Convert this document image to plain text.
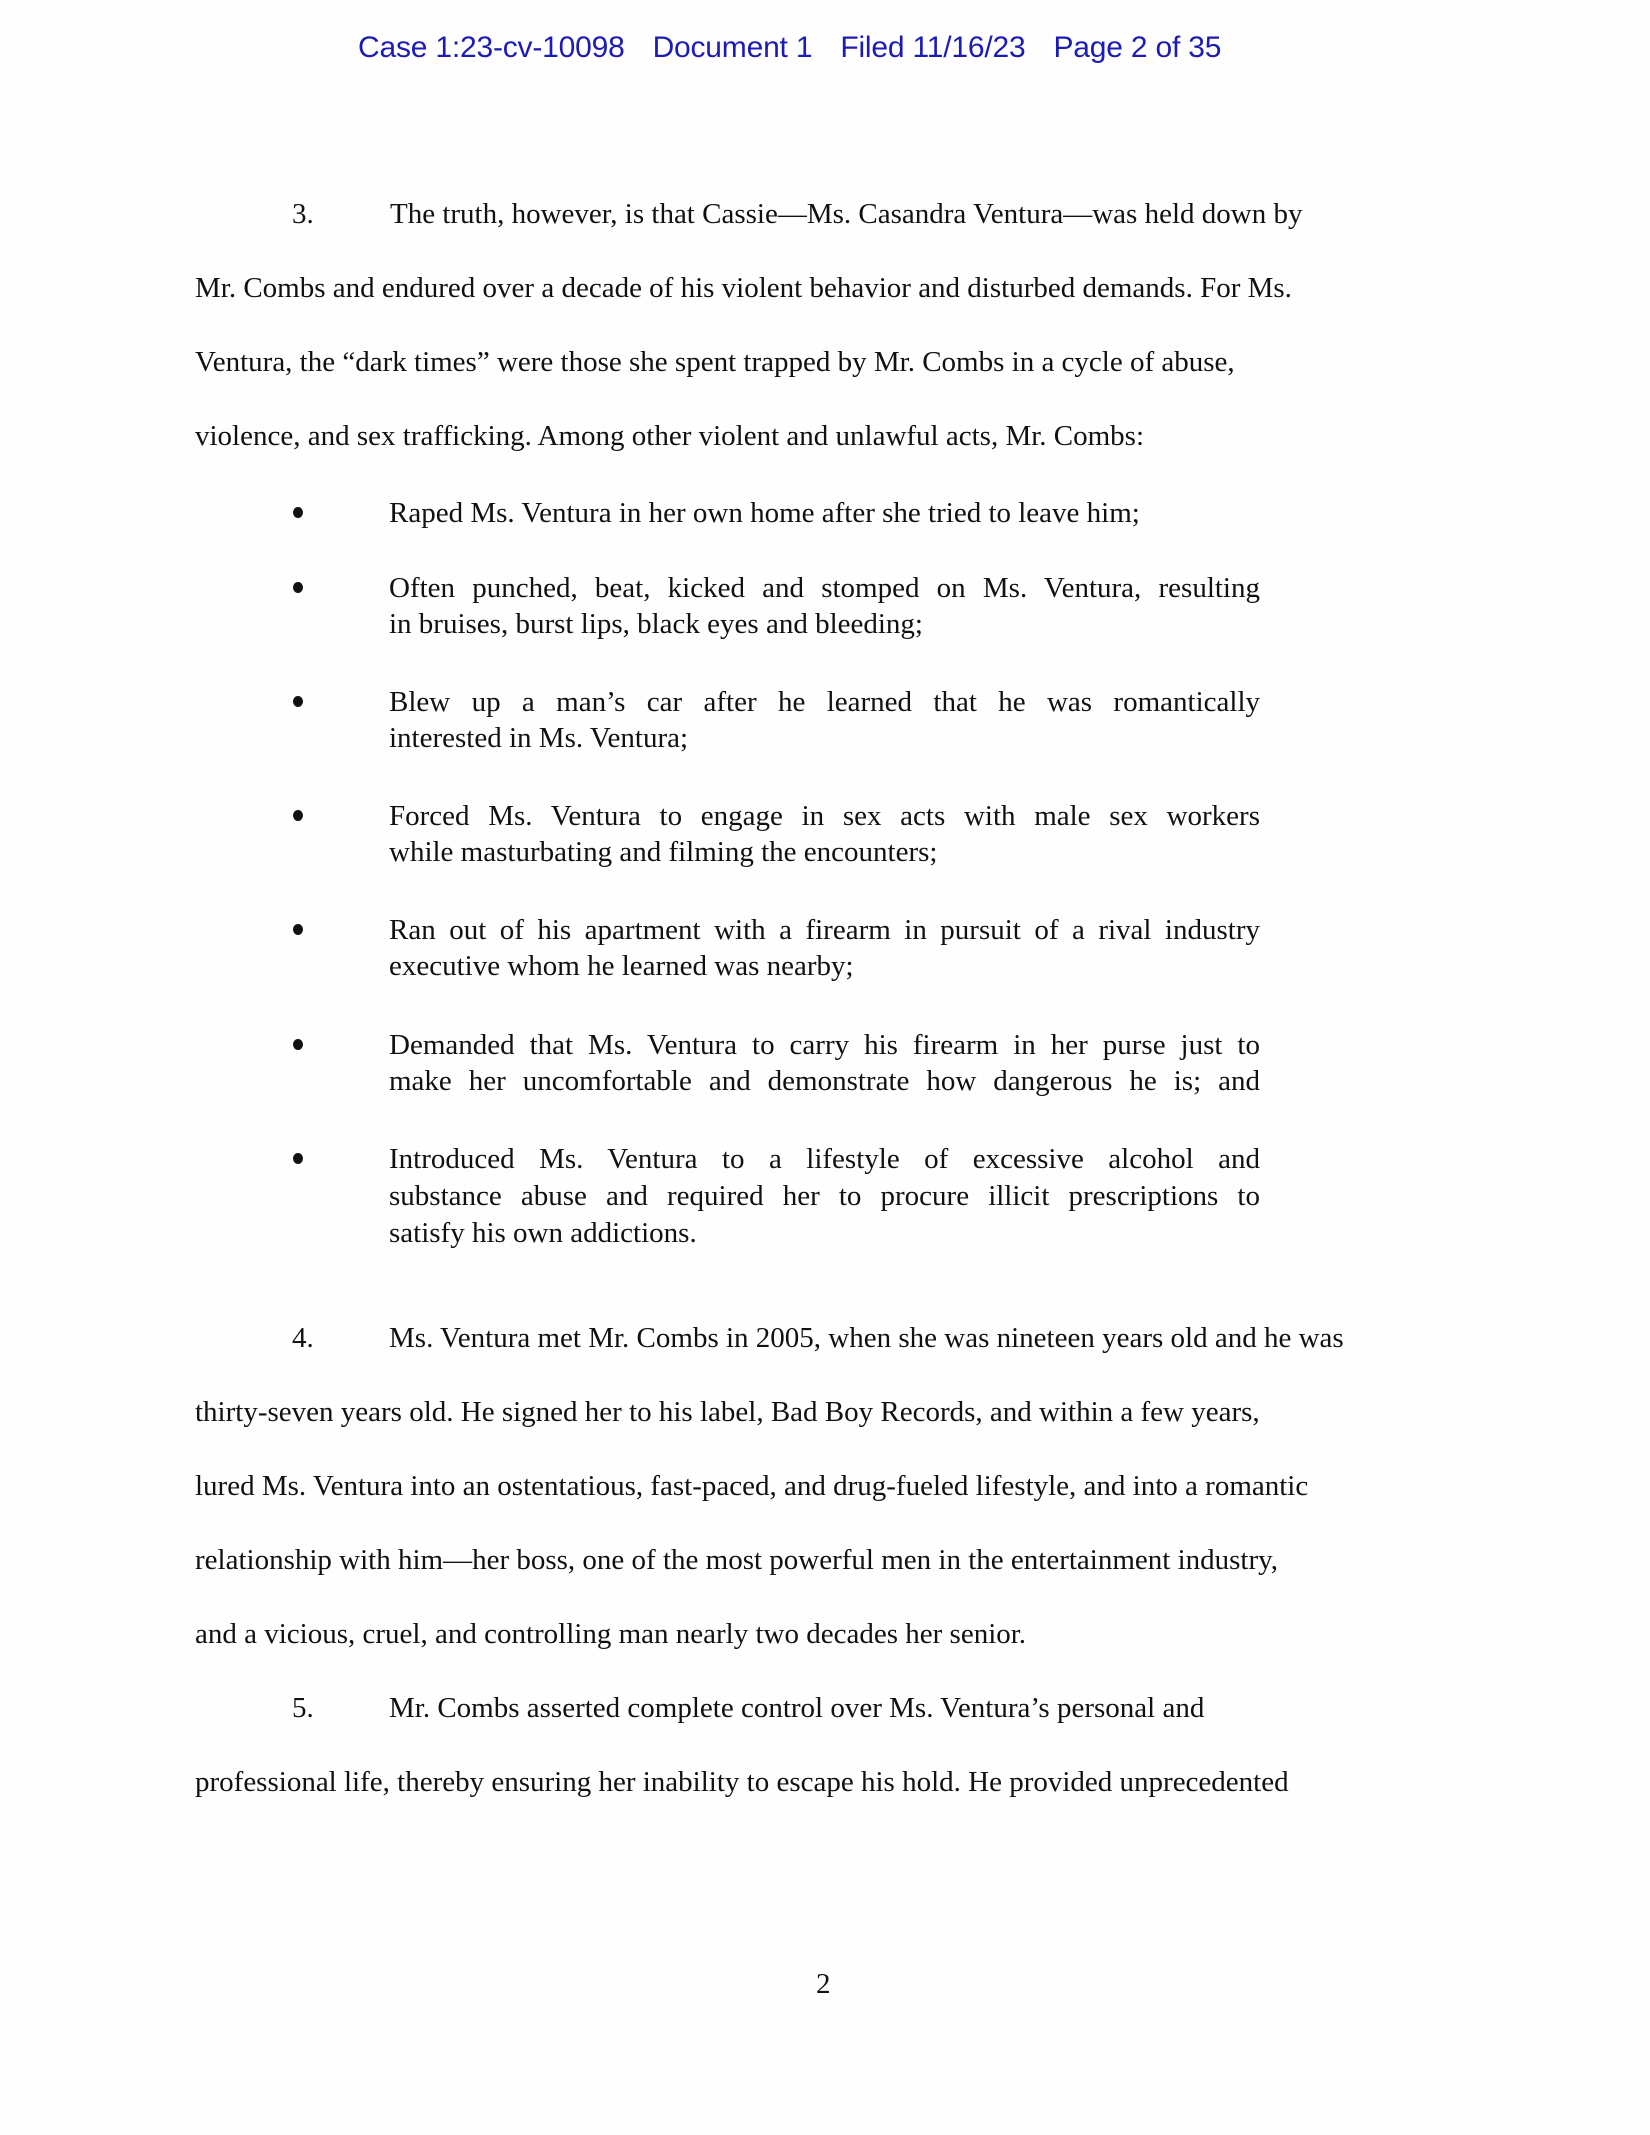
Case 1:23-cv-10098 Document 1 Filed 11/16/23 Page 2 of 35
3.	The truth, however, is that Cassie—Ms. Casandra Ventura—was held down by
Mr. Combs and endured over a decade of his violent behavior and disturbed demands. For Ms.
Ventura, the “dark times” were those she spent trapped by Mr. Combs in a cycle of abuse,
violence, and sex trafficking. Among other violent and unlawful acts, Mr. Combs:
Raped Ms. Ventura in her own home after she tried to leave him;
Often punched, beat, kicked and stomped on Ms. Ventura, resulting
in bruises, burst lips, black eyes and bleeding;
Blew up a man’s car after he learned that he was romantically
interested in Ms. Ventura;
Forced Ms. Ventura to engage in sex acts with male sex workers
while masturbating and filming the encounters;
Ran out of his apartment with a firearm in pursuit of a rival industry
executive whom he learned was nearby;
Demanded that Ms. Ventura to carry his firearm in her purse just to
make her uncomfortable and demonstrate how dangerous he is; and
Introduced Ms. Ventura to a lifestyle of excessive alcohol and
substance abuse and required her to procure illicit prescriptions to
satisfy his own addictions.
4.	Ms. Ventura met Mr. Combs in 2005, when she was nineteen years old and he was
thirty-seven years old. He signed her to his label, Bad Boy Records, and within a few years,
lured Ms. Ventura into an ostentatious, fast-paced, and drug-fueled lifestyle, and into a romantic
relationship with him—her boss, one of the most powerful men in the entertainment industry,
and a vicious, cruel, and controlling man nearly two decades her senior.
5.	Mr. Combs asserted complete control over Ms. Ventura’s personal and
professional life, thereby ensuring her inability to escape his hold. He provided unprecedented
2
